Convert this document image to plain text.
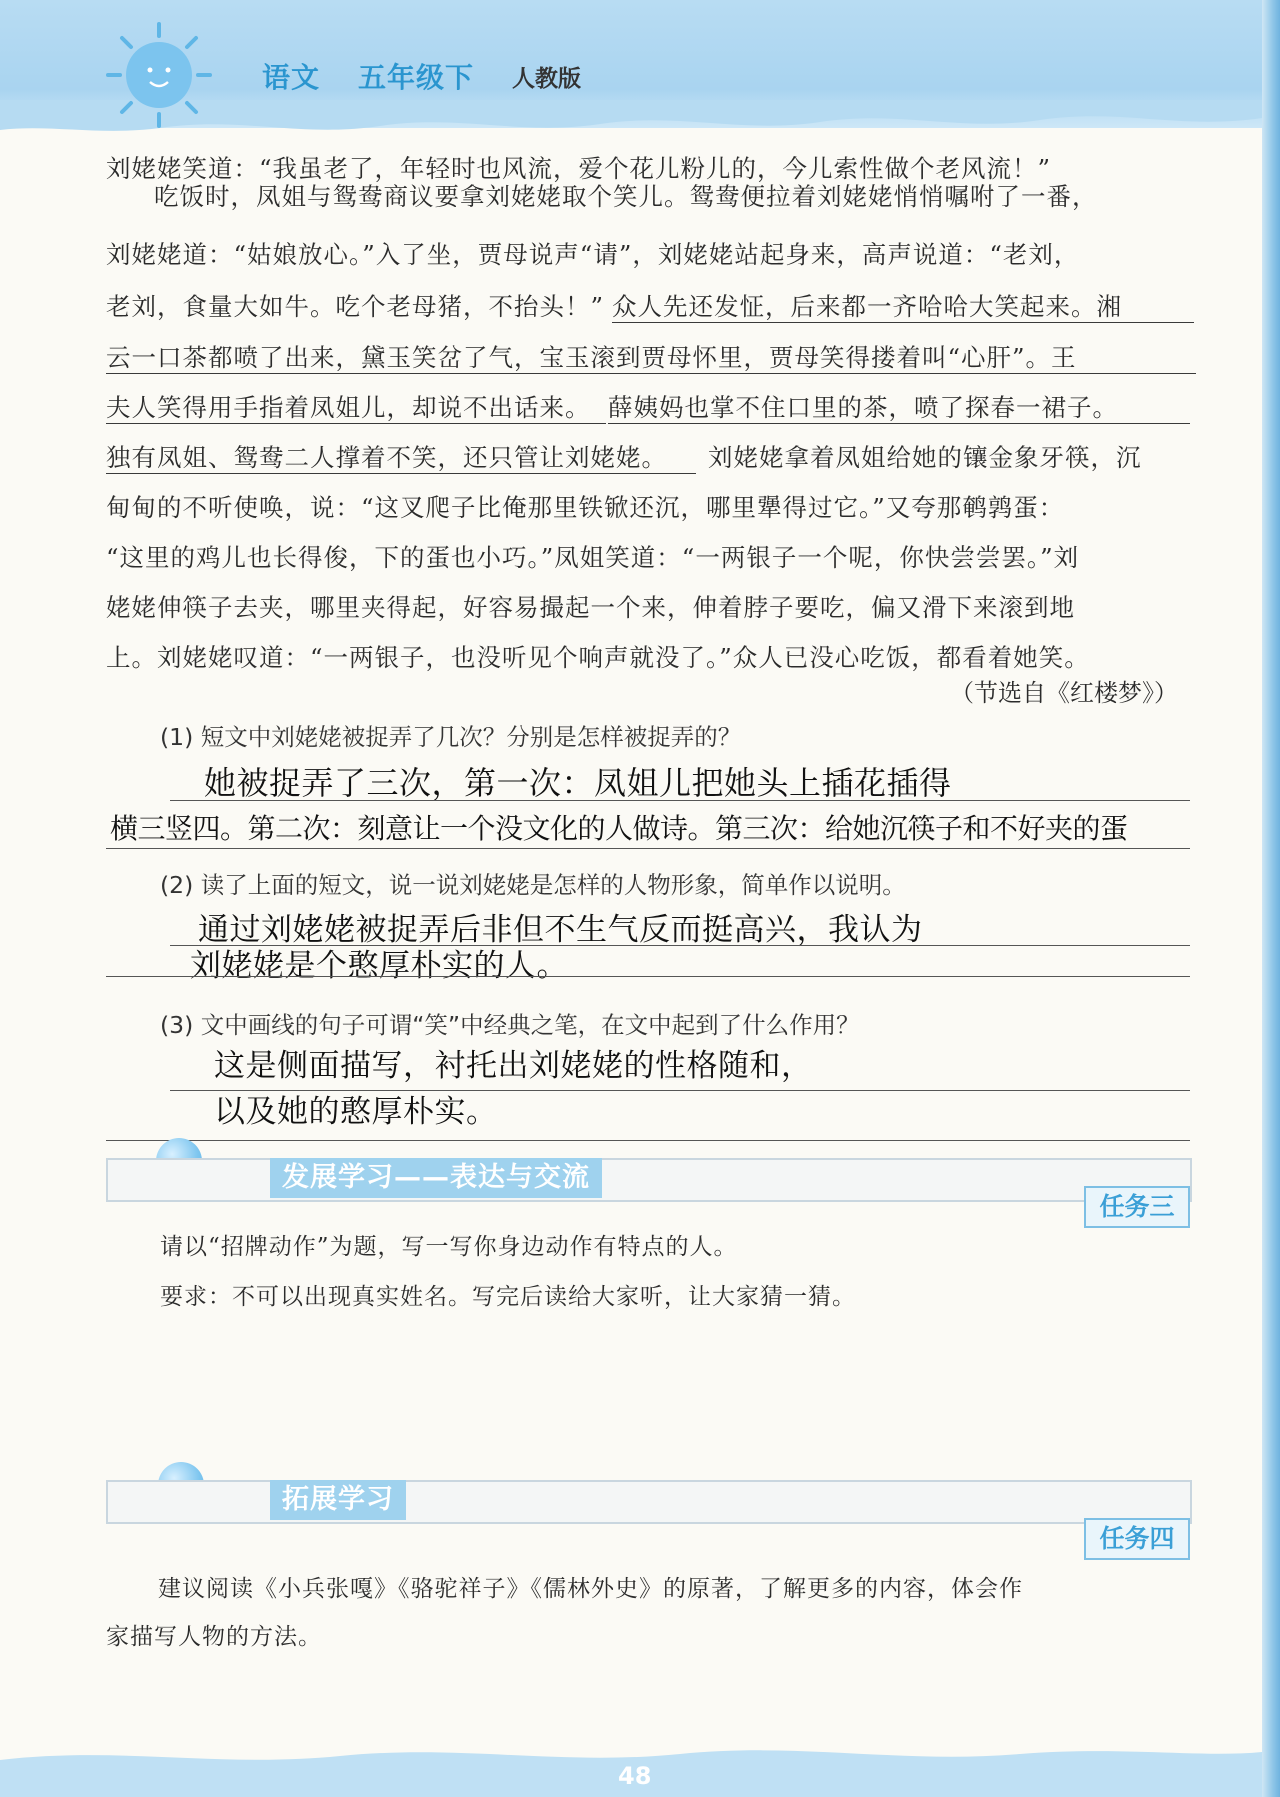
语文 五年级下 人教版
刘姥姥笑道：“我虽老了，年轻时也风流，爱个花儿粉儿的，今儿索性做个老风流！”
吃饭时，凤姐与鸳鸯商议要拿刘姥姥取个笑儿。鸳鸯便拉着刘姥姥悄悄嘱咐了一番，
刘姥姥道：“姑娘放心。”入了坐，贾母说声“请”，刘姥姥站起身来，高声说道：“老刘，
老刘，食量大如牛。吃个老母猪，不抬头！” 众人先还发怔，后来都一齐哈哈大笑起来。湘
云一口茶都喷了出来，黛玉笑岔了气，宝玉滚到贾母怀里，贾母笑得搂着叫“心肝”。王
夫人笑得用手指着凤姐儿，却说不出话来。 薛姨妈也掌不住口里的茶，喷了探春一裙子。
独有凤姐、鸳鸯二人撑着不笑，还只管让刘姥姥。	刘姥姥拿着凤姐给她的镶金象牙筷，沉
甸甸的不听使唤，说：“这叉爬子比俺那里铁锨还沉，哪里犟得过它。”又夸那鹌鹑蛋：
“这里的鸡儿也长得俊，下的蛋也小巧。”凤姐笑道：“一两银子一个呢，你快尝尝罢。”刘
姥姥伸筷子去夹，哪里夹得起，好容易撮起一个来，伸着脖子要吃，偏又滑下来滚到地
上。刘姥姥叹道：“一两银子，也没听见个响声就没了。”众人已没心吃饭，都看着她笑。
（节选自《红楼梦》）
(1) 短文中刘姥姥被捉弄了几次？分别是怎样被捉弄的？
她被捉弄了三次，第一次：凤姐儿把她头上插花插得
横三竖四。第二次：刻意让一个没文化的人做诗。第三次：给她沉筷子和不好夹的蛋
(2) 读了上面的短文，说一说刘姥姥是怎样的人物形象，简单作以说明。
通过刘姥姥被捉弄后非但不生气反而挺高兴，我认为
刘姥姥是个憨厚朴实的人。
(3) 文中画线的句子可谓“笑”中经典之笔，在文中起到了什么作用？
这是侧面描写，衬托出刘姥姥的性格随和，
以及她的憨厚朴实。
发展学习——表达与交流
任务三
请以“招牌动作”为题，写一写你身边动作有特点的人。
要求：不可以出现真实姓名。写完后读给大家听，让大家猜一猜。
拓展学习
任务四
建议阅读《小兵张嘎》《骆驼祥子》《儒林外史》的原著，了解更多的内容，体会作
家描写人物的方法。
48
